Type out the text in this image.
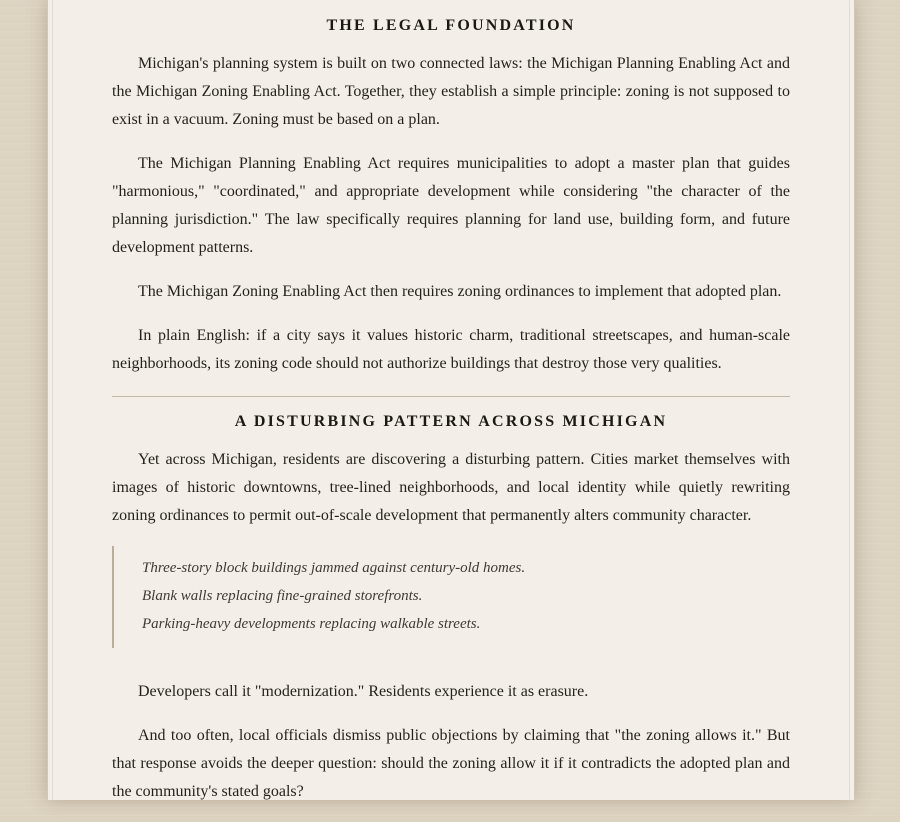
THE LEGAL FOUNDATION

Michigan's planning system is built on two connected laws: the Michigan Planning Enabling Act and the Michigan Zoning Enabling Act. Together, they establish a simple principle: zoning is not supposed to exist in a vacuum. Zoning must be based on a plan.

The Michigan Planning Enabling Act requires municipalities to adopt a master plan that guides "harmonious," "coordinated," and appropriate development while considering "the character of the planning jurisdiction." The law specifically requires planning for land use, building form, and future development patterns.

The Michigan Zoning Enabling Act then requires zoning ordinances to implement that adopted plan.

In plain English: if a city says it values historic charm, traditional streetscapes, and human-scale neighborhoods, its zoning code should not authorize buildings that destroy those very qualities.

A DISTURBING PATTERN ACROSS MICHIGAN

Yet across Michigan, residents are discovering a disturbing pattern. Cities market themselves with images of historic downtowns, tree-lined neighborhoods, and local identity while quietly rewriting zoning ordinances to permit out-of-scale development that permanently alters community character.

Three-story block buildings jammed against century-old homes.
Blank walls replacing fine-grained storefronts.
Parking-heavy developments replacing walkable streets.

Developers call it "modernization." Residents experience it as erasure.

And too often, local officials dismiss public objections by claiming that "the zoning allows it." But that response avoids the deeper question: should the zoning allow it if it contradicts the adopted plan and the community's stated goals?
